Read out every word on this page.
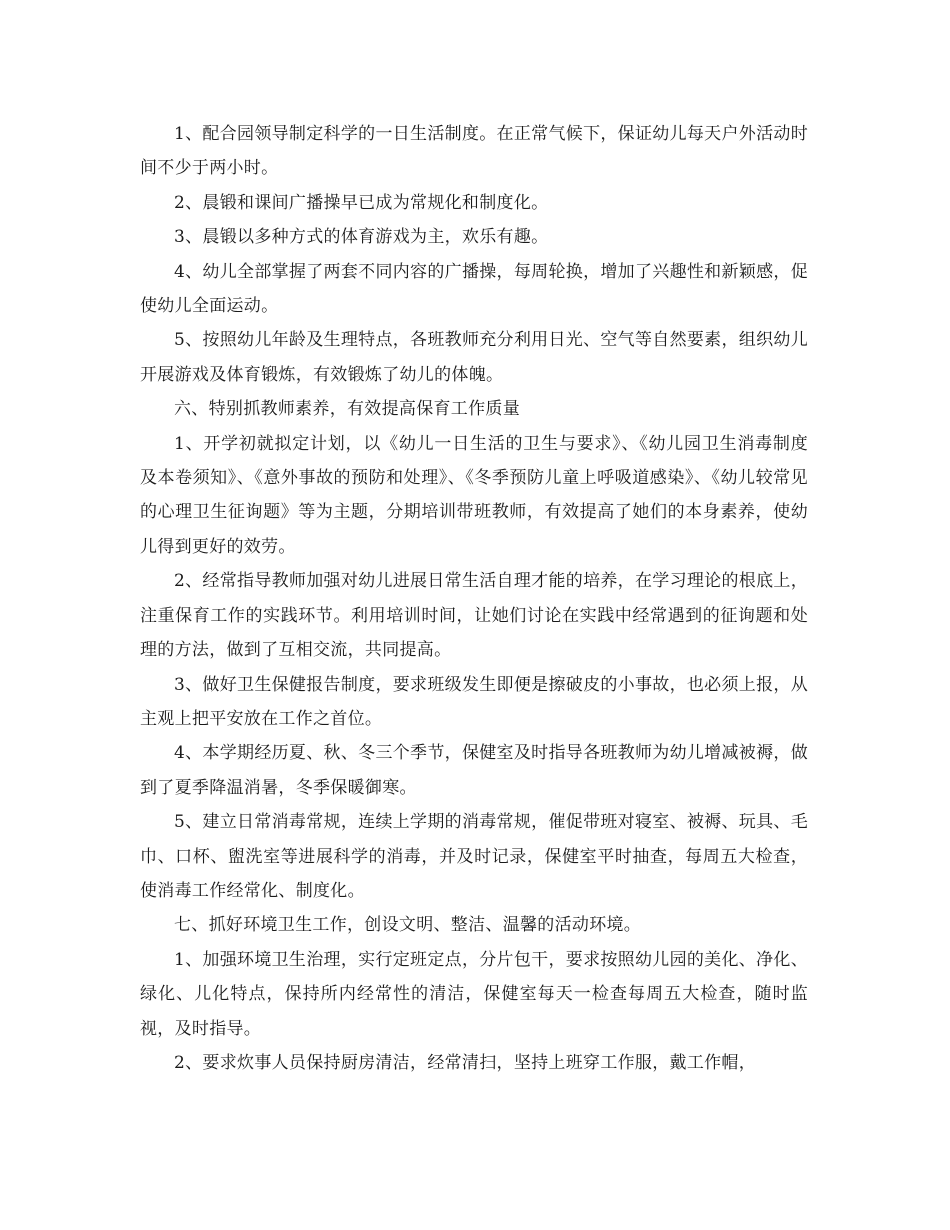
1、配合园领导制定科学的一日生活制度。在正常气候下，保证幼儿每天户外活动时间不少于两小时。

2、晨锻和课间广播操早已成为常规化和制度化。

3、晨锻以多种方式的体育游戏为主，欢乐有趣。

4、幼儿全部掌握了两套不同内容的广播操，每周轮换，增加了兴趣性和新颖感，促使幼儿全面运动。

5、按照幼儿年龄及生理特点，各班教师充分利用日光、空气等自然要素，组织幼儿开展游戏及体育锻炼，有效锻炼了幼儿的体魄。

六、特别抓教师素养，有效提高保育工作质量

1、开学初就拟定计划，以《幼儿一日生活的卫生与要求》、《幼儿园卫生消毒制度及本卷须知》、《意外事故的预防和处理》、《冬季预防儿童上呼吸道感染》、《幼儿较常见的心理卫生征询题》等为主题，分期培训带班教师，有效提高了她们的本身素养，使幼儿得到更好的效劳。

2、经常指导教师加强对幼儿进展日常生活自理才能的培养，在学习理论的根底上，注重保育工作的实践环节。利用培训时间，让她们讨论在实践中经常遇到的征询题和处理的方法，做到了互相交流，共同提高。

3、做好卫生保健报告制度，要求班级发生即便是擦破皮的小事故，也必须上报，从主观上把平安放在工作之首位。

4、本学期经历夏、秋、冬三个季节，保健室及时指导各班教师为幼儿增减被褥，做到了夏季降温消暑，冬季保暖御寒。

5、建立日常消毒常规，连续上学期的消毒常规，催促带班对寝室、被褥、玩具、毛巾、口杯、盥洗室等进展科学的消毒，并及时记录，保健室平时抽查，每周五大检查，使消毒工作经常化、制度化。

七、抓好环境卫生工作，创设文明、整洁、温馨的活动环境。

1、加强环境卫生治理，实行定班定点，分片包干，要求按照幼儿园的美化、净化、绿化、儿化特点，保持所内经常性的清洁，保健室每天一检查每周五大检查，随时监视，及时指导。

2、要求炊事人员保持厨房清洁，经常清扫，坚持上班穿工作服，戴工作帽，
